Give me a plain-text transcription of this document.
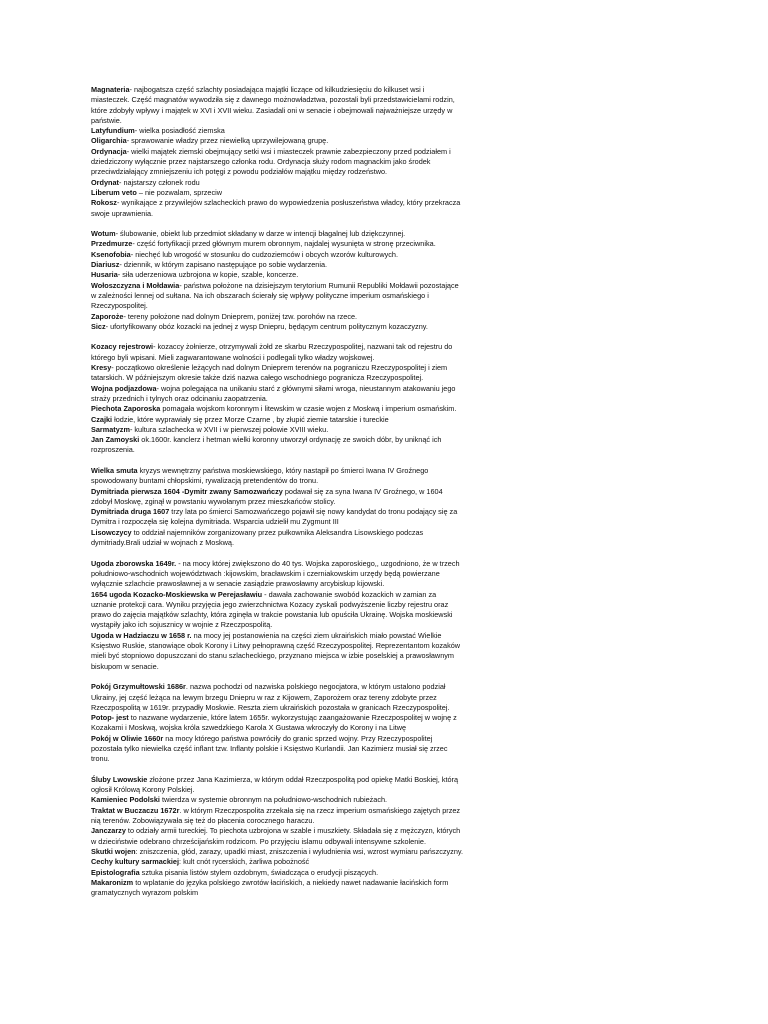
Magnateria- najbogatsza część szlachty posiadająca majątki liczące od kilkudziesięciu do kilkuset wsi i miasteczek. Część magnatów wywodziła się z dawnego możnowładztwa, pozostali byli przedstawicielami rodzin, które zdobyły wpływy i majątek w XVI i XVII wieku. Zasiadali oni w senacie i obejmowali najważniejsze urzędy w państwie.

Latyfundium- wielka posiadłość ziemska

Oligarchia- sprawowanie władzy przez niewielką uprzywilejowaną grupę.

Ordynacja- wielki majątek ziemski obejmujący setki wsi i miasteczek prawnie zabezpieczony przed podziałem i dziedziczony wyłącznie przez najstarszego członka rodu. Ordynacja służy rodom magnackim jako środek przeciwdziałający zmniejszeniu ich potęgi z powodu podziałów majątku między rodzeństwo.

Ordynat- najstarszy członek rodu

Liberum veto – nie pozwalam, sprzeciw

Rokosz- wynikające z przywilejów szlacheckich prawo do wypowiedzenia posłuszeństwa władcy, który przekracza swoje uprawnienia.

Wotum- ślubowanie, obiekt lub przedmiot składany w darze w intencji błagalnej lub dziękczynnej.

Przedmurze- część fortyfikacji przed głównym murem obronnym, najdalej wysunięta w stronę przeciwnika.

Ksenofobia- niechęć lub wrogość w stosunku do cudzoziemców i obcych wzorów kulturowych.

Diariusz- dziennik, w którym zapisano następujące po sobie wydarzenia.

Husaria- siła uderzeniowa uzbrojona w kopie, szable, koncerze.

Wołoszczyzna i Mołdawia- państwa położone na dzisiejszym terytorium Rumunii Republiki Mołdawii pozostające w zależności lennej od sułtana. Na ich obszarach ścierały się wpływy polityczne imperium osmańskiego i Rzeczypospolitej.

Zaporoże- tereny położone nad dolnym Dnieprem, poniżej tzw. porohów na rzece.

Sicz- ufortyfikowany obóz kozacki na jednej z wysp Dniepru, będącym centrum politycznym kozaczyzny.

Kozacy rejestrowi- kozaccy żołnierze, otrzymywali żołd ze skarbu Rzeczypospolitej, nazwani tak od rejestru do którego byli wpisani. Mieli zagwarantowane wolności i podlegali tylko władzy wojskowej.

Kresy- początkowo określenie leżących nad dolnym Dnieprem terenów na pograniczu Rzeczypospolitej i ziem tatarskich. W późniejszym okresie także dziś nazwa całego wschodniego pogranicza Rzeczypospolitej.

Wojna podjazdowa- wojna polegająca na unikaniu starć z głównymi siłami wroga, nieustannym atakowaniu jego straży przednich i tylnych oraz odcinaniu zaopatrzenia.

Piechota Zaporoska pomagała wojskom koronnym i litewskim w czasie wojen z Moskwą i imperium osmańskim.

Czajki łodzie, które wyprawiały się przez Morze Czarne , by złupić ziemie tatarskie i tureckie

Sarmatyzm- kultura szlachecka w XVII i w pierwszej połowie XVIII wieku.

Jan Zamoyski ok.1600r. kanclerz i hetman wielki koronny utworzył ordynację ze swoich dóbr, by uniknąć ich rozproszenia.

Wielka smuta kryzys wewnętrzny państwa moskiewskiego, który nastąpił po śmierci Iwana IV Groźnego spowodowany buntami chłopskimi, rywalizacją pretendentów do tronu.

Dymitriada pierwsza 1604 -Dymitr zwany Samozwańczy podawał się za syna Iwana IV Groźnego, w 1604 zdobył Moskwę, zginął w powstaniu wywołanym przez mieszkańców stolicy.

Dymitriada druga 1607 trzy lata po śmierci Samozwańczego pojawił się nowy kandydat do tronu podający się za Dymitra i rozpoczęła się kolejna dymitriada. Wsparcia udzielił mu Zygmunt III

Lisowczycy to oddział najemników zorganizowany przez pułkownika Aleksandra Lisowskiego podczas dymitriady.Brali udział w wojnach z Moskwą.

Ugoda zborowska 1649r. - na mocy której zwiększono do 40 tys. Wojska zaporoskiego,, uzgodniono, że w trzech południowo-wschodnich województwach :kijowskim, bracławskim i czerniakowskim urzędy będą powierzane wyłącznie szlachcie prawosławnej a w senacie zasiądzie prawosławny arcybiskup kijowski.

1654 ugoda Kozacko-Moskiewska w Perejasławiu - dawała zachowanie swobód kozackich w zamian za uznanie protekcji cara. Wyniku przyjęcia jego zwierzchnictwa Kozacy zyskali podwyższenie liczby rejestru oraz prawo do zajęcia majątków szlachty, która zginęła w trakcie powstania lub opuściła Ukrainę. Wojska moskiewski wystąpiły jako ich sojusznicy w wojnie z Rzeczpospolitą.

Ugoda w Hadziaczu w 1658 r. na mocy jej postanowienia na części ziem ukraińskich miało powstać Wielkie Księstwo Ruskie, stanowiące obok Korony i Litwy pełnoprawną część Rzeczypospolitej. Reprezentantom kozaków mieli być stopniowo dopuszczani do stanu szlacheckiego, przyznano miejsca w izbie poselskiej a prawosławnym biskupom w senacie.

Pokój Grzymułtowski 1686r. nazwa pochodzi od nazwiska polskiego negocjatora, w którym ustalono podział Ukrainy, jej część leżąca na lewym brzegu Dniepru w raz z Kijowem, Zaporożem oraz tereny zdobyte przez Rzeczpospolitą w 1619r. przypadły Moskwie. Reszta ziem ukraińskich pozostała w granicach Rzeczypospolitej.

Potop- jest to nazwane wydarzenie, które latem 1655r. wykorzystując zaangażowanie Rzeczpospolitej w wojnę z Kozakami i Moskwą, wojska króla szwedzkiego Karola X Gustawa wkroczyły do Korony i na Litwę

Pokój w Oliwie 1660r na mocy którego państwa powróciły do granic sprzed wojny. Przy Rzeczypospolitej pozostała tylko niewielka część inflant tzw. Inflanty polskie i Księstwo Kurlandii. Jan Kazimierz musiał się zrzec tronu.

Śluby Lwowskie złożone przez Jana Kazimierza, w którym oddał Rzeczpospolitą pod opiekę Matki Boskiej, którą ogłosił Królową Korony Polskiej.

Kamieniec Podolski twierdza w systemie obronnym na południowo-wschodnich rubieżach.

Traktat w Buczaczu 1672r. w którym Rzeczpospolita zrzekała się na rzecz imperium osmańskiego zajętych przez nią terenów. Zobowiązywała się też do płacenia corocznego haraczu.

Janczarzy to odziały armii tureckiej. To piechota uzbrojona w szable i muszkiety. Składała się z mężczyzn, których w dzieciństwie odebrano chrześcijańskim rodzicom. Po przyjęciu islamu odbywali intensywne szkolenie.

Skutki wojen: zniszczenia, głód, zarazy, upadki miast, zniszczenia i wyludnienia wsi, wzrost wymiaru pańszczyzny.

Cechy kultury sarmackiej: kult cnót rycerskich, żarliwa pobożność

Epistolografia sztuka pisania listów stylem ozdobnym, świadcząca o erudycji piszących.

Makaronizm to wplatanie do języka polskiego zwrotów łacińskich, a niekiedy nawet nadawanie łacińskich form gramatycznych wyrazom polskim
